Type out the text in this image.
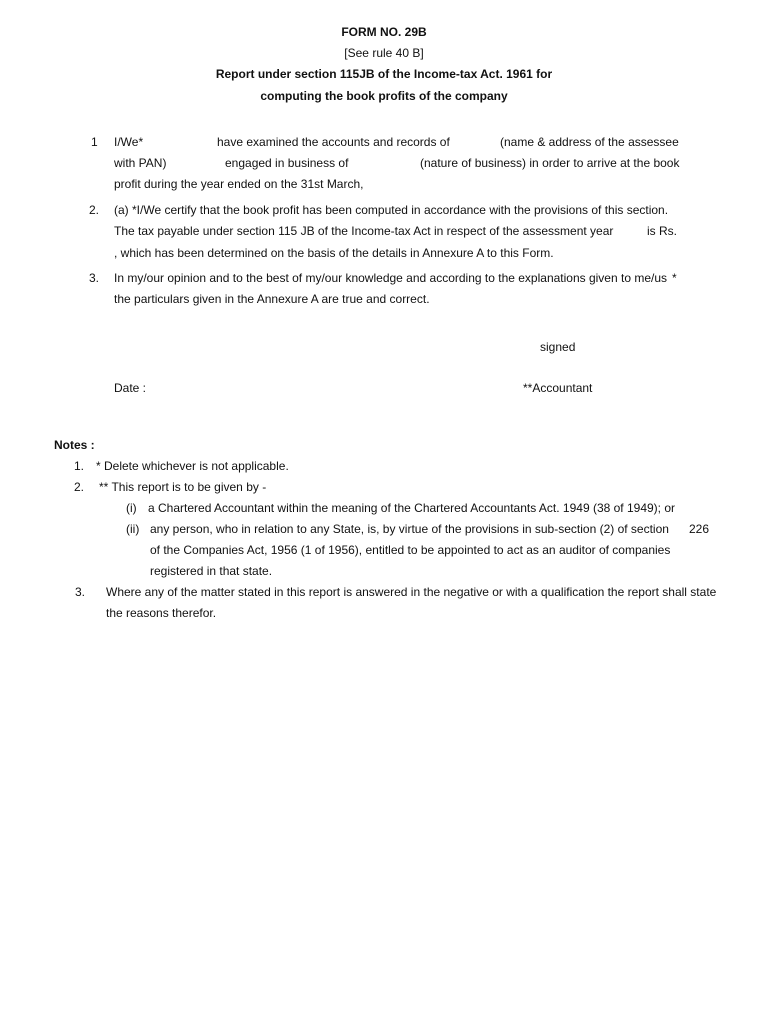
FORM NO. 29B
[See rule 40 B]
Report under section 115JB of the Income-tax Act. 1961 for
computing the book profits of the company
1 I/We*	have examined the accounts and records of	(name & address of the assessee
with PAN)	engaged in business of	(nature of business) in order to arrive at the book
profit during the year ended on the 31st March,
2. (a) *I/We certify that the book profit has been computed in accordance with the provisions of this section.
The tax payable under section 115 JB of the Income-tax Act in respect of the assessment year	is Rs.
, which has been determined on the basis of the details in Annexure A to this Form.
3. In my/our opinion and to the best of my/our knowledge and according to the explanations given to me/us *
the particulars given in the Annexure A are true and correct.
signed
Date :	**Accountant
Notes :
1. * Delete whichever is not applicable.
2. ** This report is to be given by -
(i) a Chartered Accountant within the meaning of the Chartered Accountants Act. 1949 (38 of 1949); or
(ii) any person, who in relation to any State, is, by virtue of the provisions in sub-section (2) of section 226
of the Companies Act, 1956 (1 of 1956), entitled to be appointed to act as an auditor of companies
registered in that state.
3. Where any of the matter stated in this report is answered in the negative or with a qualification the report shall state
the reasons therefor.
